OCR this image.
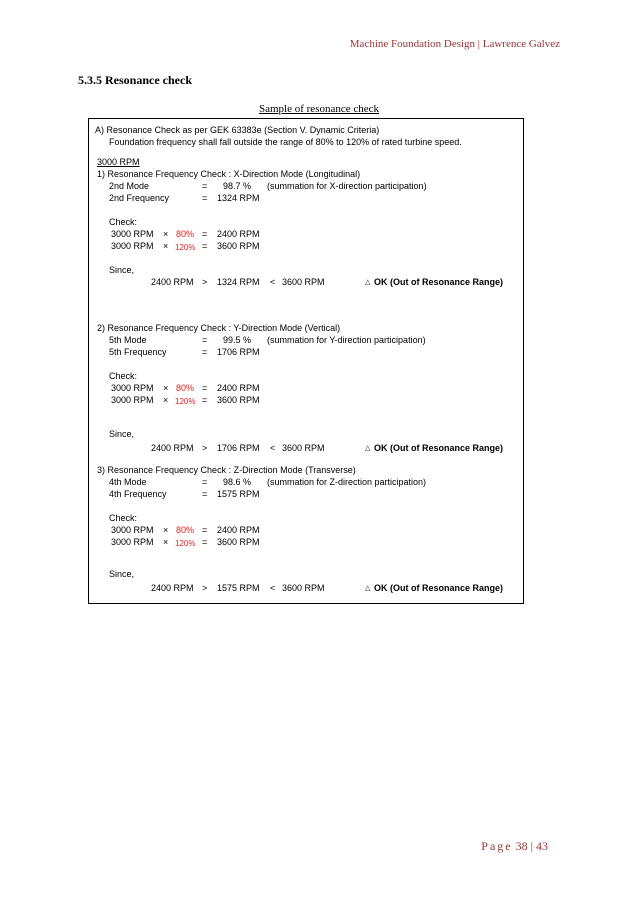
Machine Foundation Design | Lawrence Galvez
5.3.5 Resonance check
Sample of resonance check
A) Resonance Check as per GEK 63383e (Section V. Dynamic Criteria)
Foundation frequency shall fall outside the range of 80% to 120% of rated turbine speed.
3000 RPM
1) Resonance Frequency Check : X-Direction Mode (Longitudinal)
2nd Mode	= 98.7 % (summation for X-direction participation)
2nd Frequency	= 1324 RPM
Check:
3000 RPM × 80% = 2400 RPM
3000 RPM × 120% = 3600 RPM
Since,
2400 RPM > 1324 RPM < 3600 RPM	△ OK (Out of Resonance Range)
2) Resonance Frequency Check : Y-Direction Mode (Vertical)
5th Mode	= 99.5 % (summation for Y-direction participation)
5th Frequency	= 1706 RPM
Check:
3000 RPM × 80% = 2400 RPM
3000 RPM × 120% = 3600 RPM
Since,
2400 RPM > 1706 RPM < 3600 RPM	△ OK (Out of Resonance Range)
3) Resonance Frequency Check : Z-Direction Mode (Transverse)
4th Mode	= 98.6 % (summation for Z-direction participation)
4th Frequency	= 1575 RPM
Check:
3000 RPM × 80% = 2400 RPM
3000 RPM × 120% = 3600 RPM
Since,
2400 RPM > 1575 RPM < 3600 RPM	△ OK (Out of Resonance Range)
Page 38 | 43
